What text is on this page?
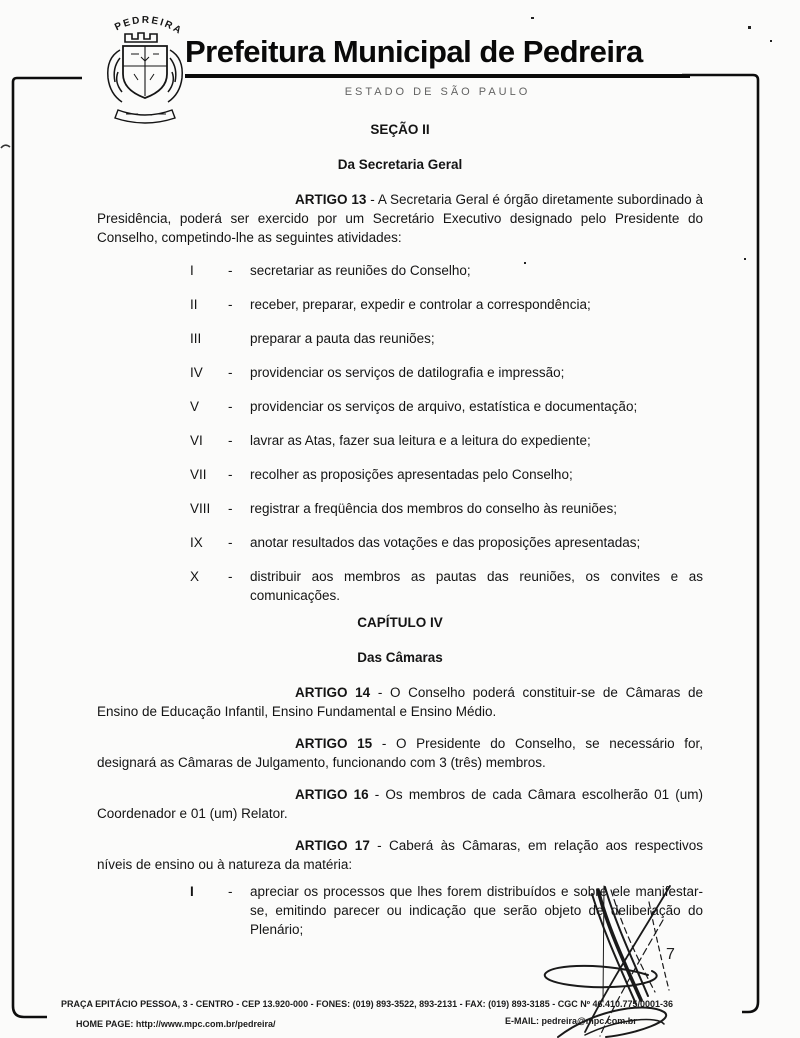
PEDREIRA
Prefeitura Municipal de Pedreira
ESTADO DE SÃO PAULO
SEÇÃO II
Da Secretaria Geral

ARTIGO 13 - A Secretaria Geral é órgão diretamente subordinado à Presidência, poderá ser exercido por um Secretário Executivo designado pelo Presidente do Conselho, competindo-lhe as seguintes atividades:

I	-	secretariar as reuniões do Conselho;
II	-	receber, preparar, expedir e controlar a correspondência;
III	preparar a pauta das reuniões;
IV	-	providenciar os serviços de datilografia e impressão;
V	-	providenciar os serviços de arquivo, estatística e documentação;
VI	-	lavrar as Atas, fazer sua leitura e a leitura do expediente;
VII	-	recolher as proposições apresentadas pelo Conselho;
VIII	-	registrar a freqüência dos membros do conselho às reuniões;
IX	-	anotar resultados das votações e das proposições apresentadas;
X	-	distribuir aos membros as pautas das reuniões, os convites e as comunicações.
CAPÍTULO IV
Das Câmaras

ARTIGO 14 - O Conselho poderá constituir-se de Câmaras de Ensino de Educação Infantil, Ensino Fundamental e Ensino Médio.

ARTIGO 15 - O Presidente do Conselho, se necessário for, designará as Câmaras de Julgamento, funcionando com 3 (três) membros.

ARTIGO 16 - Os membros de cada Câmara escolherão 01 (um) Coordenador e 01 (um) Relator.

ARTIGO 17 - Caberá às Câmaras, em relação aos respectivos níveis de ensino ou à natureza da matéria:

I	-	apreciar os processos que lhes forem distribuídos e sobre ele manifestar-se, emitindo parecer ou indicação que serão objeto de deliberação do Plenário;
7
PRAÇA EPITÁCIO PESSOA, 3 - CENTRO - CEP 13.920-000 - FONES: (019) 893-3522, 893-2131 - FAX: (019) 893-3185 - CGC Nº 46.410.775/0001-36
HOME PAGE: http://www.mpc.com.br/pedreira/	E-MAIL: pedreira@mpc.com.br
